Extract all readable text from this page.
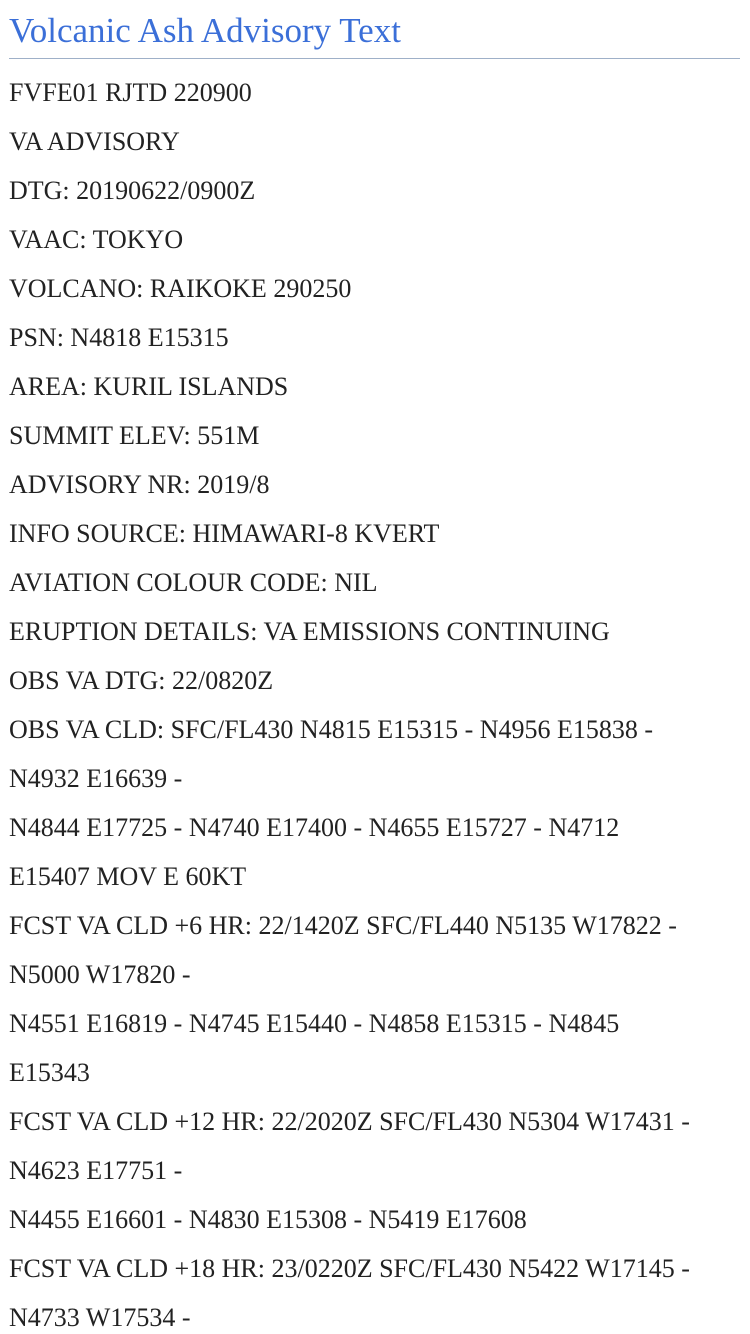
Volcanic Ash Advisory Text

FVFE01 RJTD 220900

VA ADVISORY

DTG: 20190622/0900Z

VAAC: TOKYO

VOLCANO: RAIKOKE 290250

PSN: N4818 E15315

AREA: KURIL ISLANDS

SUMMIT ELEV: 551M

ADVISORY NR: 2019/8

INFO SOURCE: HIMAWARI-8 KVERT

AVIATION COLOUR CODE: NIL

ERUPTION DETAILS: VA EMISSIONS CONTINUING

OBS VA DTG: 22/0820Z

OBS VA CLD: SFC/FL430 N4815 E15315 - N4956 E15838 -

N4932 E16639 -

N4844 E17725 - N4740 E17400 - N4655 E15727 - N4712

E15407 MOV E 60KT

FCST VA CLD +6 HR: 22/1420Z SFC/FL440 N5135 W17822 -

N5000 W17820 -

N4551 E16819 - N4745 E15440 - N4858 E15315 - N4845

E15343

FCST VA CLD +12 HR: 22/2020Z SFC/FL430 N5304 W17431 -

N4623 E17751 -

N4455 E16601 - N4830 E15308 - N5419 E17608

FCST VA CLD +18 HR: 23/0220Z SFC/FL430 N5422 W17145 -

N4733 W17534 -
